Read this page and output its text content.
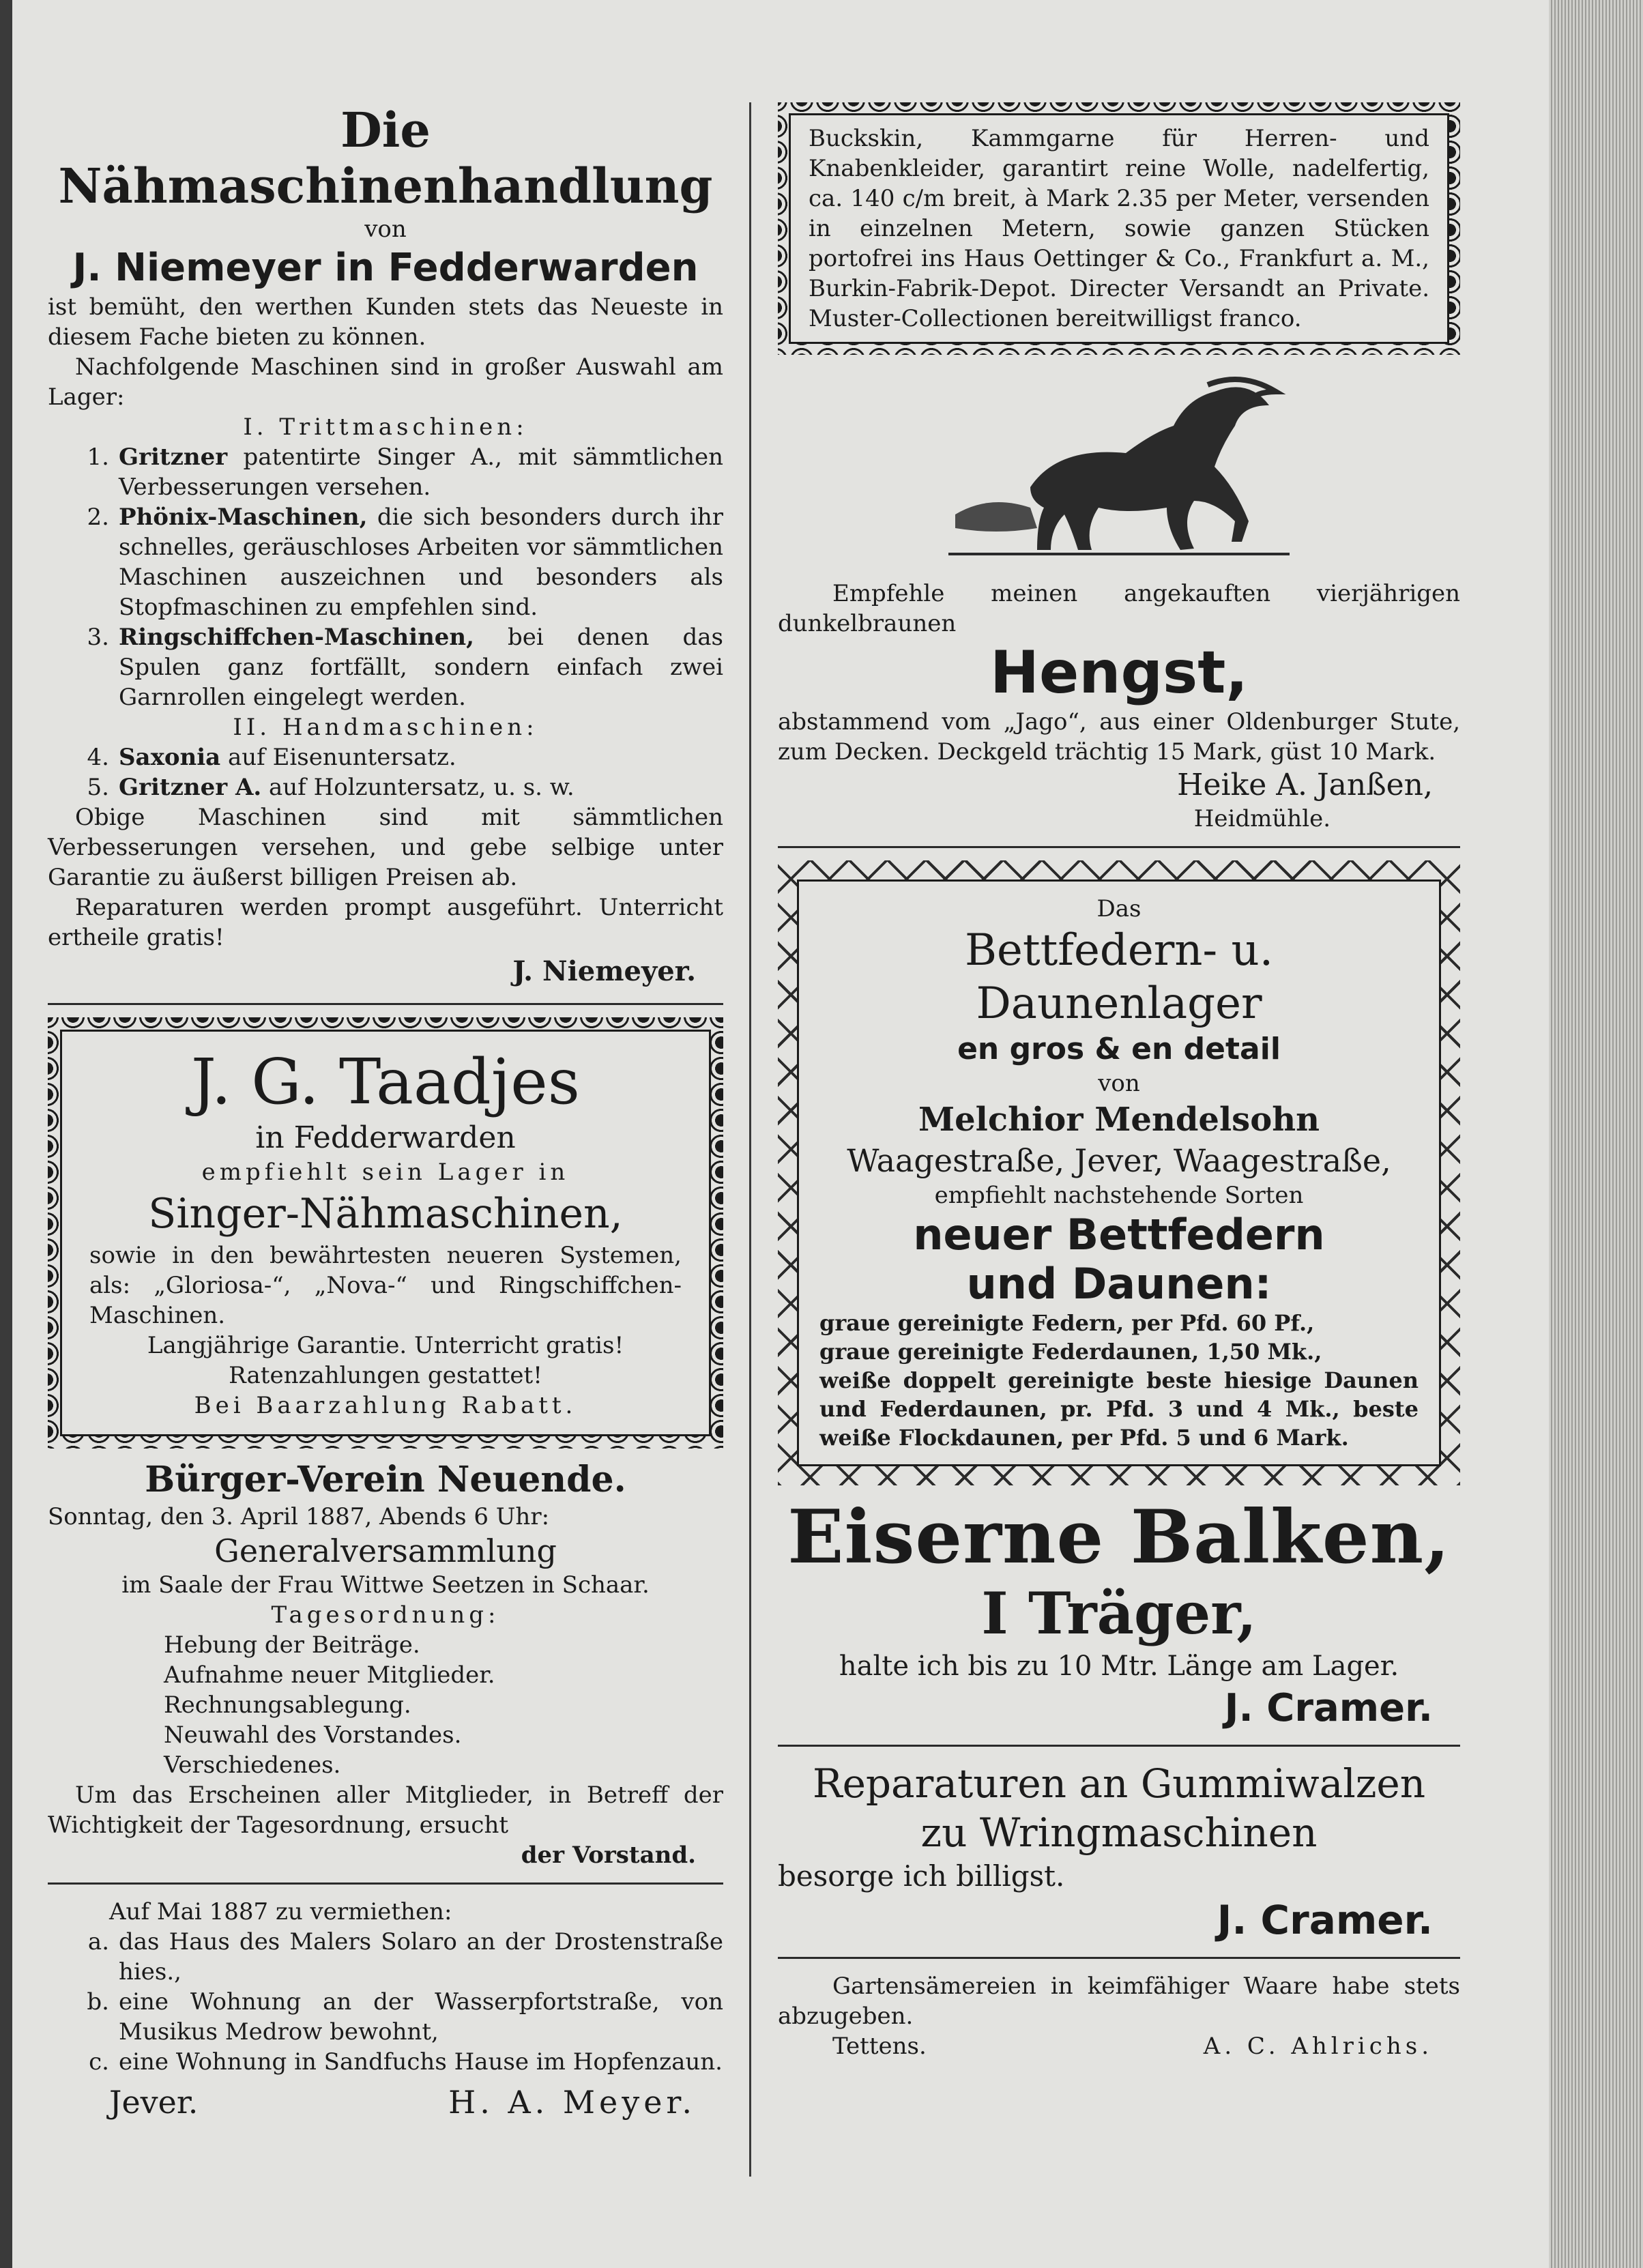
Die Nähmaschinenhandlung

von

J. Niemeyer in Fedderwarden

ist bemüht, den werthen Kunden stets das Neueste in diesem Fache bieten zu können.

Nachfolgende Maschinen sind in großer Auswahl am Lager:

I. Trittmaschinen:

1. Gritzner patentirte Singer A., mit sämmtlichen Verbesserungen versehen.
2. Phönix-Maschinen, die sich besonders durch ihr schnelles, geräuschloses Arbeiten vor sämmtlichen Maschinen auszeichnen und besonders als Stopfmaschinen zu empfehlen sind.
3. Ringschiffchen-Maschinen, bei denen das Spulen ganz fortfällt, sondern einfach zwei Garnrollen eingelegt werden.

II. Handmaschinen:

4. Saxonia auf Eisenuntersatz.
5. Gritzner A. auf Holzuntersatz, u. s. w.

Obige Maschinen sind mit sämmtlichen Verbesserungen versehen, und gebe selbige unter Garantie zu äußerst billigen Preisen ab.

Reparaturen werden prompt ausgeführt. Unterricht ertheile gratis!

J. Niemeyer.

J. G. Taadjes

in Fedderwarden

empfiehlt sein Lager in

Singer-Nähmaschinen,

sowie in den bewährtesten neueren Systemen, als: „Gloriosa-“, „Nova-“ und Ringschiffchen-Maschinen.

Langjährige Garantie. Unterricht gratis!

Ratenzahlungen gestattet!

Bei Baarzahlung Rabatt.

Bürger-Verein Neuende.

Sonntag, den 3. April 1887, Abends 6 Uhr:

Generalversammlung

im Saale der Frau Wittwe Seetzen in Schaar.

Tagesordnung:

Hebung der Beiträge.

Aufnahme neuer Mitglieder.

Rechnungsablegung.

Neuwahl des Vorstandes.

Verschiedenes.

Um das Erscheinen aller Mitglieder, in Betreff der Wichtigkeit der Tagesordnung, ersucht

der Vorstand.

Auf Mai 1887 zu vermiethen:

a. das Haus des Malers Solaro an der Drostenstraße hies.,
b. eine Wohnung an der Wasserpfortstraße, von Musikus Medrow bewohnt,
c. eine Wohnung in Sandfuchs Hause im Hopfenzaun.
Jever.	H. A. Meyer.

Buckskin, Kammgarne für Herren- und Knabenkleider, garantirt reine Wolle, nadelfertig, ca. 140 c/m breit, à Mark 2.35 per Meter, versenden in einzelnen Metern, sowie ganzen Stücken portofrei ins Haus Oettinger & Co., Frankfurt a. M., Burkin-Fabrik-Depot. Directer Versandt an Private. Muster-Collectionen bereitwilligst franco.

Empfehle meinen angekauften vierjährigen dunkelbraunen

Hengst,

abstammend vom „Jago“, aus einer Oldenburger Stute, zum Decken. Deckgeld trächtig 15 Mark, güst 10 Mark.

Heike A. Janßen,

Heidmühle.

Das

Bettfedern- u. Daunenlager

en gros & en detail

von

Melchior Mendelsohn

Waagestraße, Jever, Waagestraße,

empfiehlt nachstehende Sorten

neuer Bettfedern

und Daunen:

graue gereinigte Federn, per Pfd. 60 Pf.,

graue gereinigte Federdaunen, 1,50 Mk.,

weiße doppelt gereinigte beste hiesige Daunen und Federdaunen, pr. Pfd. 3 und 4 Mk., beste weiße Flockdaunen, per Pfd. 5 und 6 Mark.

Eiserne Balken,

I Träger,

halte ich bis zu 10 Mtr. Länge am Lager.

J. Cramer.

Reparaturen an Gummiwalzen

zu Wringmaschinen

besorge ich billigst.

J. Cramer.

Gartensämereien in keimfähiger Waare habe stets abzugeben.

Tettens.	A. C. Ahlrichs.
